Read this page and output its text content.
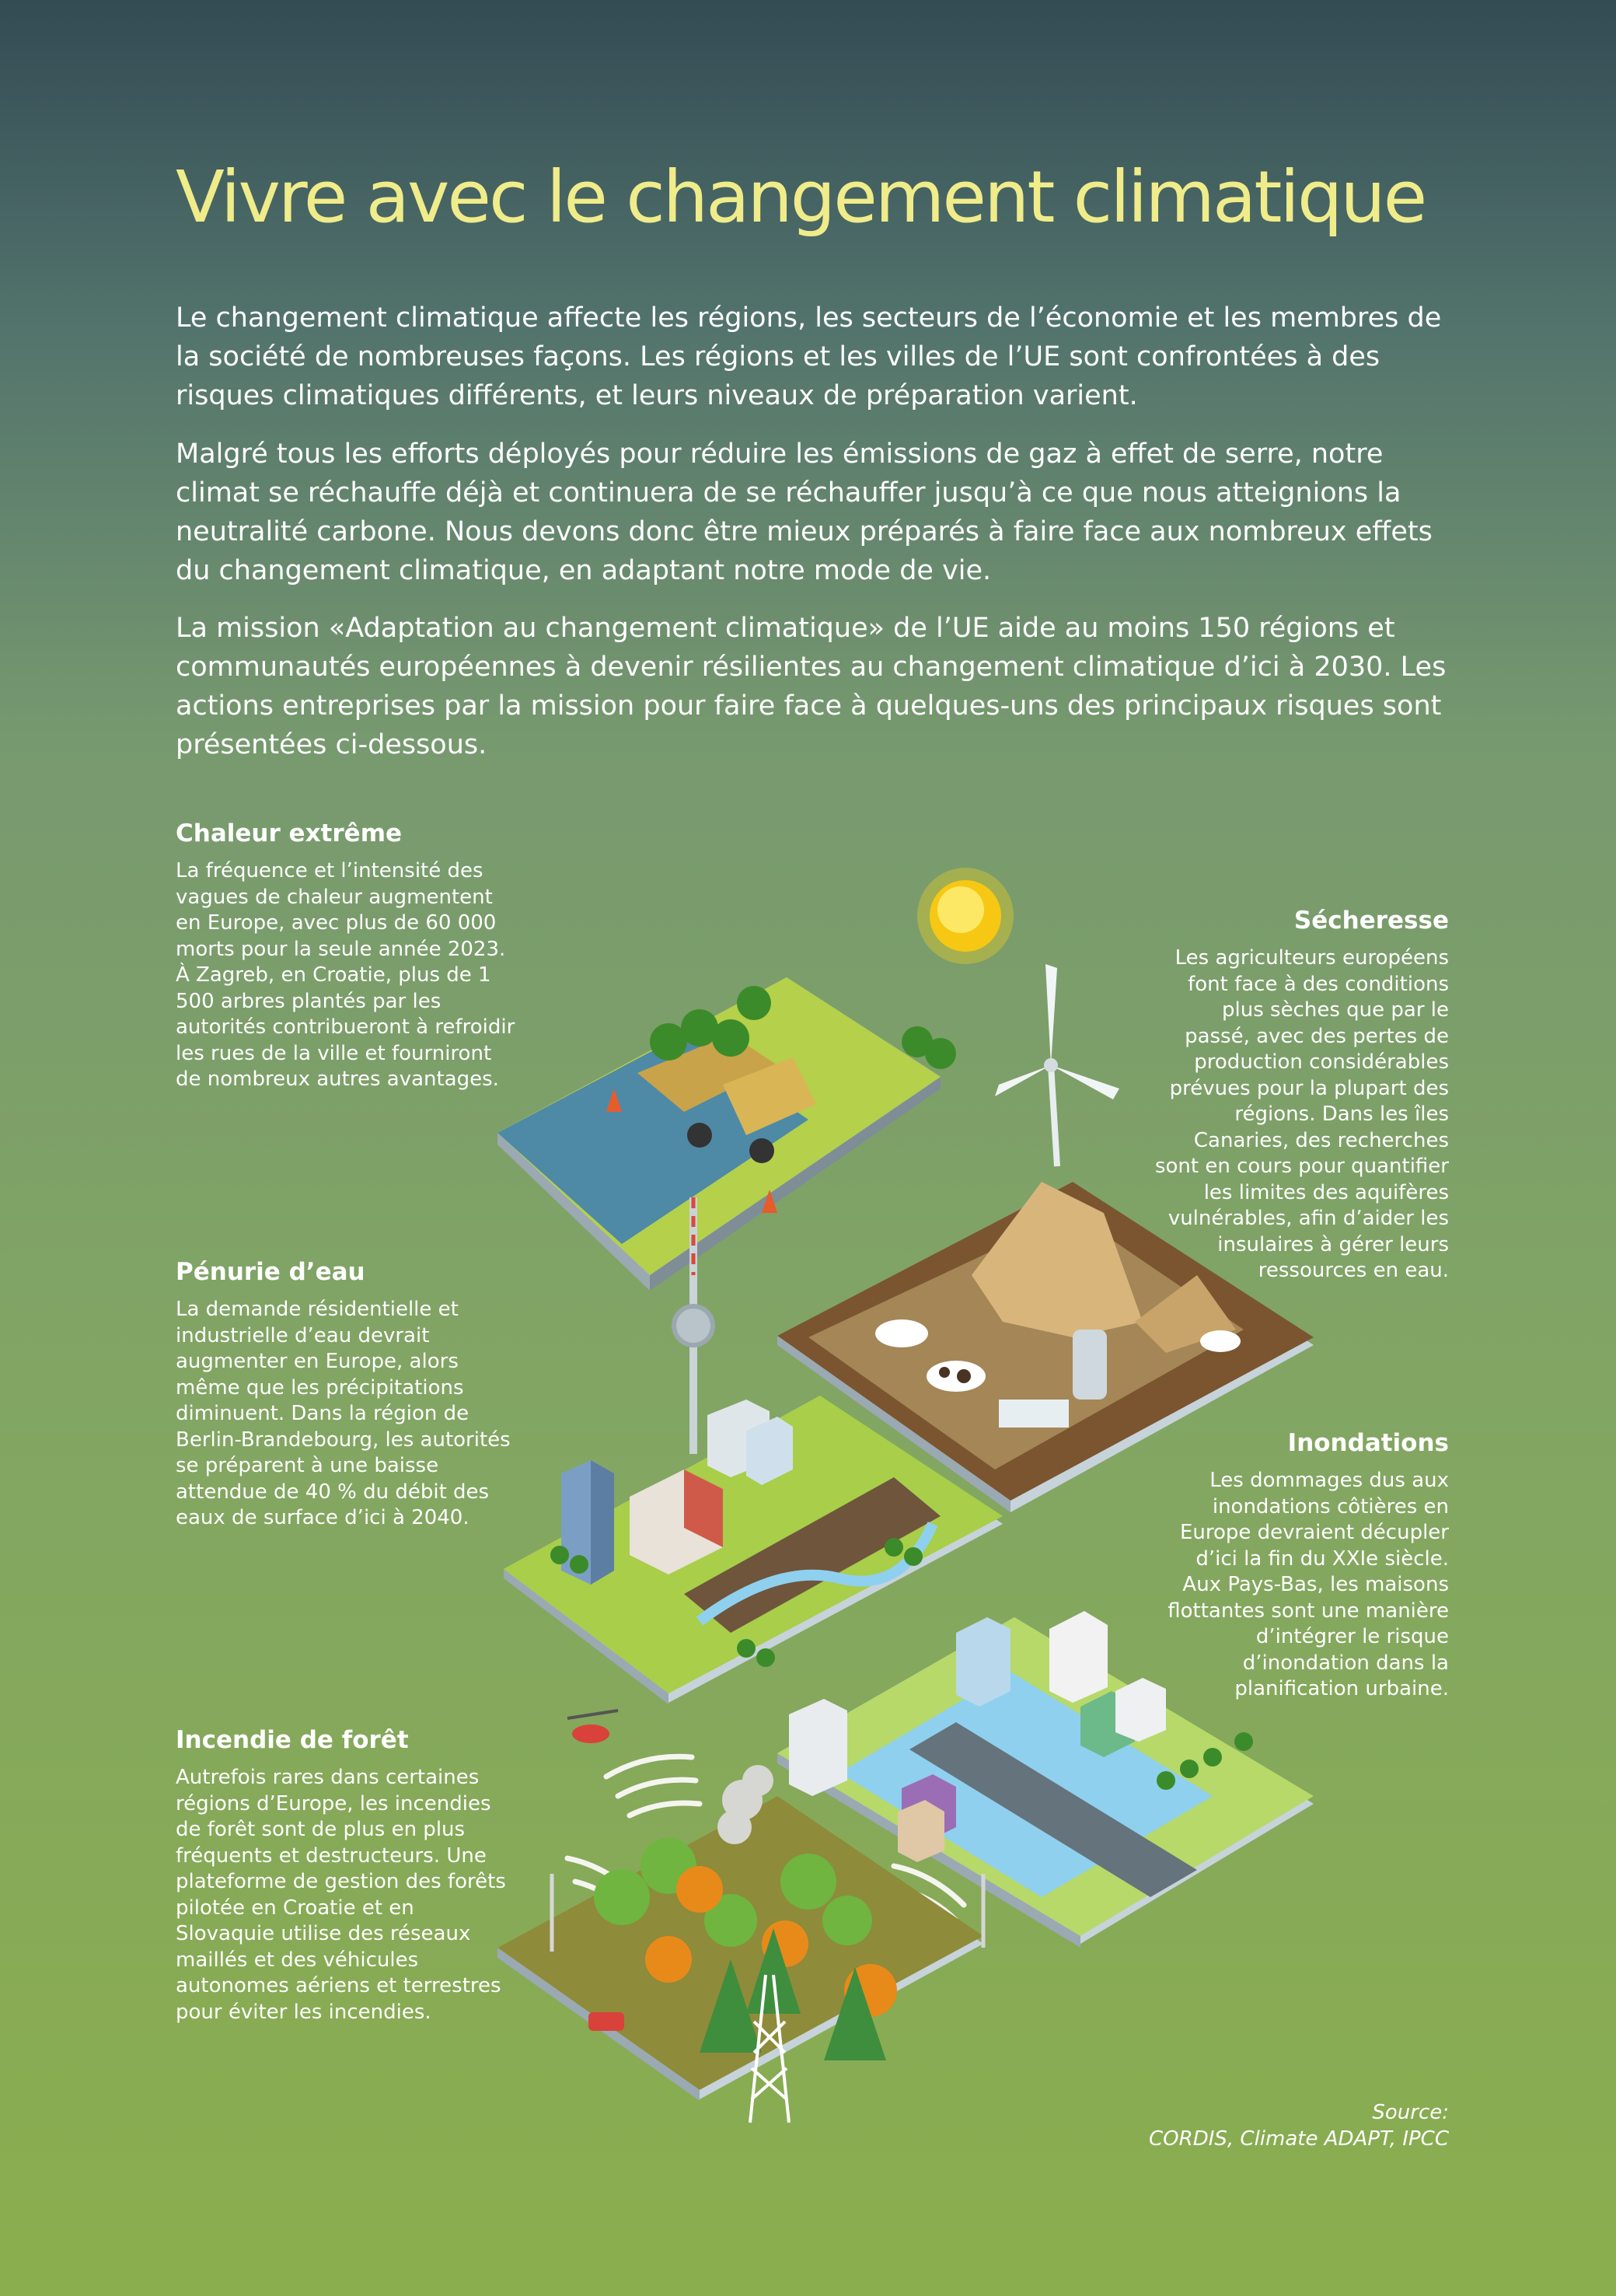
Vivre avec le changement climatique

Le changement climatique affecte les régions, les secteurs de l’économie et les membres de la société de nombreuses façons. Les régions et les villes de l’UE sont confrontées à des risques climatiques différents, et leurs niveaux de préparation varient.

Malgré tous les efforts déployés pour réduire les émissions de gaz à effet de serre, notre climat se réchauffe déjà et continuera de se réchauffer jusqu’à ce que nous atteignions la neutralité carbone. Nous devons donc être mieux préparés à faire face aux nombreux effets du changement climatique, en adaptant notre mode de vie.

La mission «Adaptation au changement climatique» de l’UE aide au moins 150 régions et communautés européennes à devenir résilientes au changement climatique d’ici à 2030. Les actions entreprises par la mission pour faire face à quelques-uns des principaux risques sont présentées ci-dessous.

Chaleur extrême

La fréquence et l’intensité des vagues de chaleur augmentent en Europe, avec plus de 60 000 morts pour la seule année 2023. À Zagreb, en Croatie, plus de 1 500 arbres plantés par les autorités contribueront à refroidir les rues de la ville et fourniront de nombreux autres avantages.

Sécheresse

Les agriculteurs européens font face à des conditions plus sèches que par le passé, avec des pertes de production considérables prévues pour la plupart des régions. Dans les îles Canaries, des recherches sont en cours pour quantifier les limites des aquifères vulnérables, afin d’aider les insulaires à gérer leurs ressources en eau.

Pénurie d’eau

La demande résidentielle et industrielle d’eau devrait augmenter en Europe, alors même que les précipitations diminuent. Dans la région de Berlin-Brandebourg, les autorités se préparent à une baisse attendue de 40 % du débit des eaux de surface d’ici à 2040.

Inondations

Les dommages dus aux inondations côtières en Europe devraient décupler d’ici la fin du XXIe siècle. Aux Pays-Bas, les maisons flottantes sont une manière d’intégrer le risque d’inondation dans la planification urbaine.

Incendie de forêt

Autrefois rares dans certaines régions d’Europe, les incendies de forêt sont de plus en plus fréquents et destructeurs. Une plateforme de gestion des forêts pilotée en Croatie et en Slovaquie utilise des réseaux maillés et des véhicules autonomes aériens et terrestres pour éviter les incendies.

Source:
CORDIS, Climate ADAPT, IPCC
